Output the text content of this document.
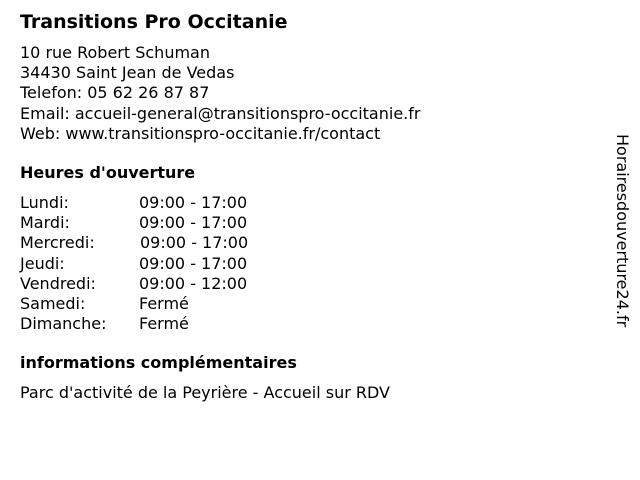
Transitions Pro Occitanie
10 rue Robert Schuman
34430 Saint Jean de Vedas
Telefon: 05 62 26 87 87
Email: accueil-general@transitionspro-occitanie.fr
Web: www.transitionspro-occitanie.fr/contact
Heures d'ouverture
Lundi:	09:00 - 17:00
Mardi:	09:00 - 17:00
Mercredi:	09:00 - 17:00
Jeudi:	09:00 - 17:00
Vendredi:	09:00 - 12:00
Samedi:	Fermé
Dimanche: Fermé
informations complémentaires
Parc d'activité de la Peyrière - Accueil sur RDV
Horairesdouverture24.fr
